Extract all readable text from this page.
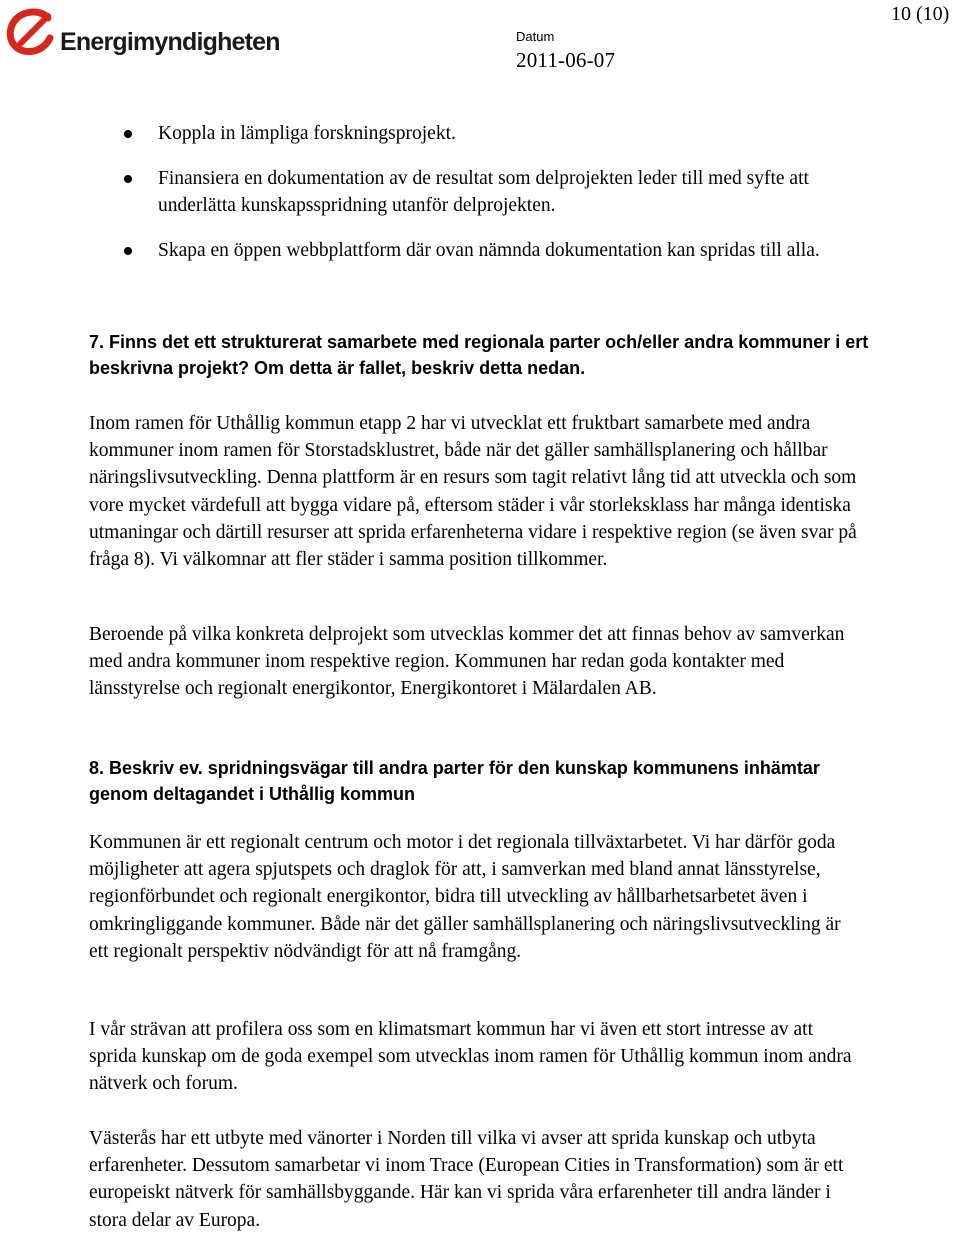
Energimyndigheten	Datum
2011-06-07
10 (10)
Koppla in lämpliga forskningsprojekt.
Finansiera en dokumentation av de resultat som delprojekten leder till med syfte att underlätta kunskapsspridning utanför delprojekten.
Skapa en öppen webbplattform där ovan nämnda dokumentation kan spridas till alla.
7. Finns det ett strukturerat samarbete med regionala parter och/eller andra kommuner i ert beskrivna projekt? Om detta är fallet, beskriv detta nedan.

Inom ramen för Uthållig kommun etapp 2 har vi utvecklat ett fruktbart samarbete med andra kommuner inom ramen för Storstadsklustret, både när det gäller samhällsplanering och hållbar näringslivsutveckling. Denna plattform är en resurs som tagit relativt lång tid att utveckla och som vore mycket värdefull att bygga vidare på, eftersom städer i vår storleksklass har många identiska utmaningar och därtill resurser att sprida erfarenheterna vidare i respektive region (se även svar på fråga 8). Vi välkomnar att fler städer i samma position tillkommer.

Beroende på vilka konkreta delprojekt som utvecklas kommer det att finnas behov av samverkan med andra kommuner inom respektive region. Kommunen har redan goda kontakter med länsstyrelse och regionalt energikontor, Energikontoret i Mälardalen AB.

8. Beskriv ev. spridningsvägar till andra parter för den kunskap kommunens inhämtar genom deltagandet i Uthållig kommun

Kommunen är ett regionalt centrum och motor i det regionala tillväxtarbetet. Vi har därför goda möjligheter att agera spjutspets och draglok för att, i samverkan med bland annat länsstyrelse, regionförbundet och regionalt energikontor, bidra till utveckling av hållbarhetsarbetet även i omkringliggande kommuner. Både när det gäller samhällsplanering och näringslivsutveckling är ett regionalt perspektiv nödvändigt för att nå framgång.

I vår strävan att profilera oss som en klimatsmart kommun har vi även ett stort intresse av att sprida kunskap om de goda exempel som utvecklas inom ramen för Uthållig kommun inom andra nätverk och forum.

Västerås har ett utbyte med vänorter i Norden till vilka vi avser att sprida kunskap och utbyta erfarenheter. Dessutom samarbetar vi inom Trace (European Cities in Transformation) som är ett europeiskt nätverk för samhällsbyggande. Här kan vi sprida våra erfarenheter till andra länder i stora delar av Europa.
